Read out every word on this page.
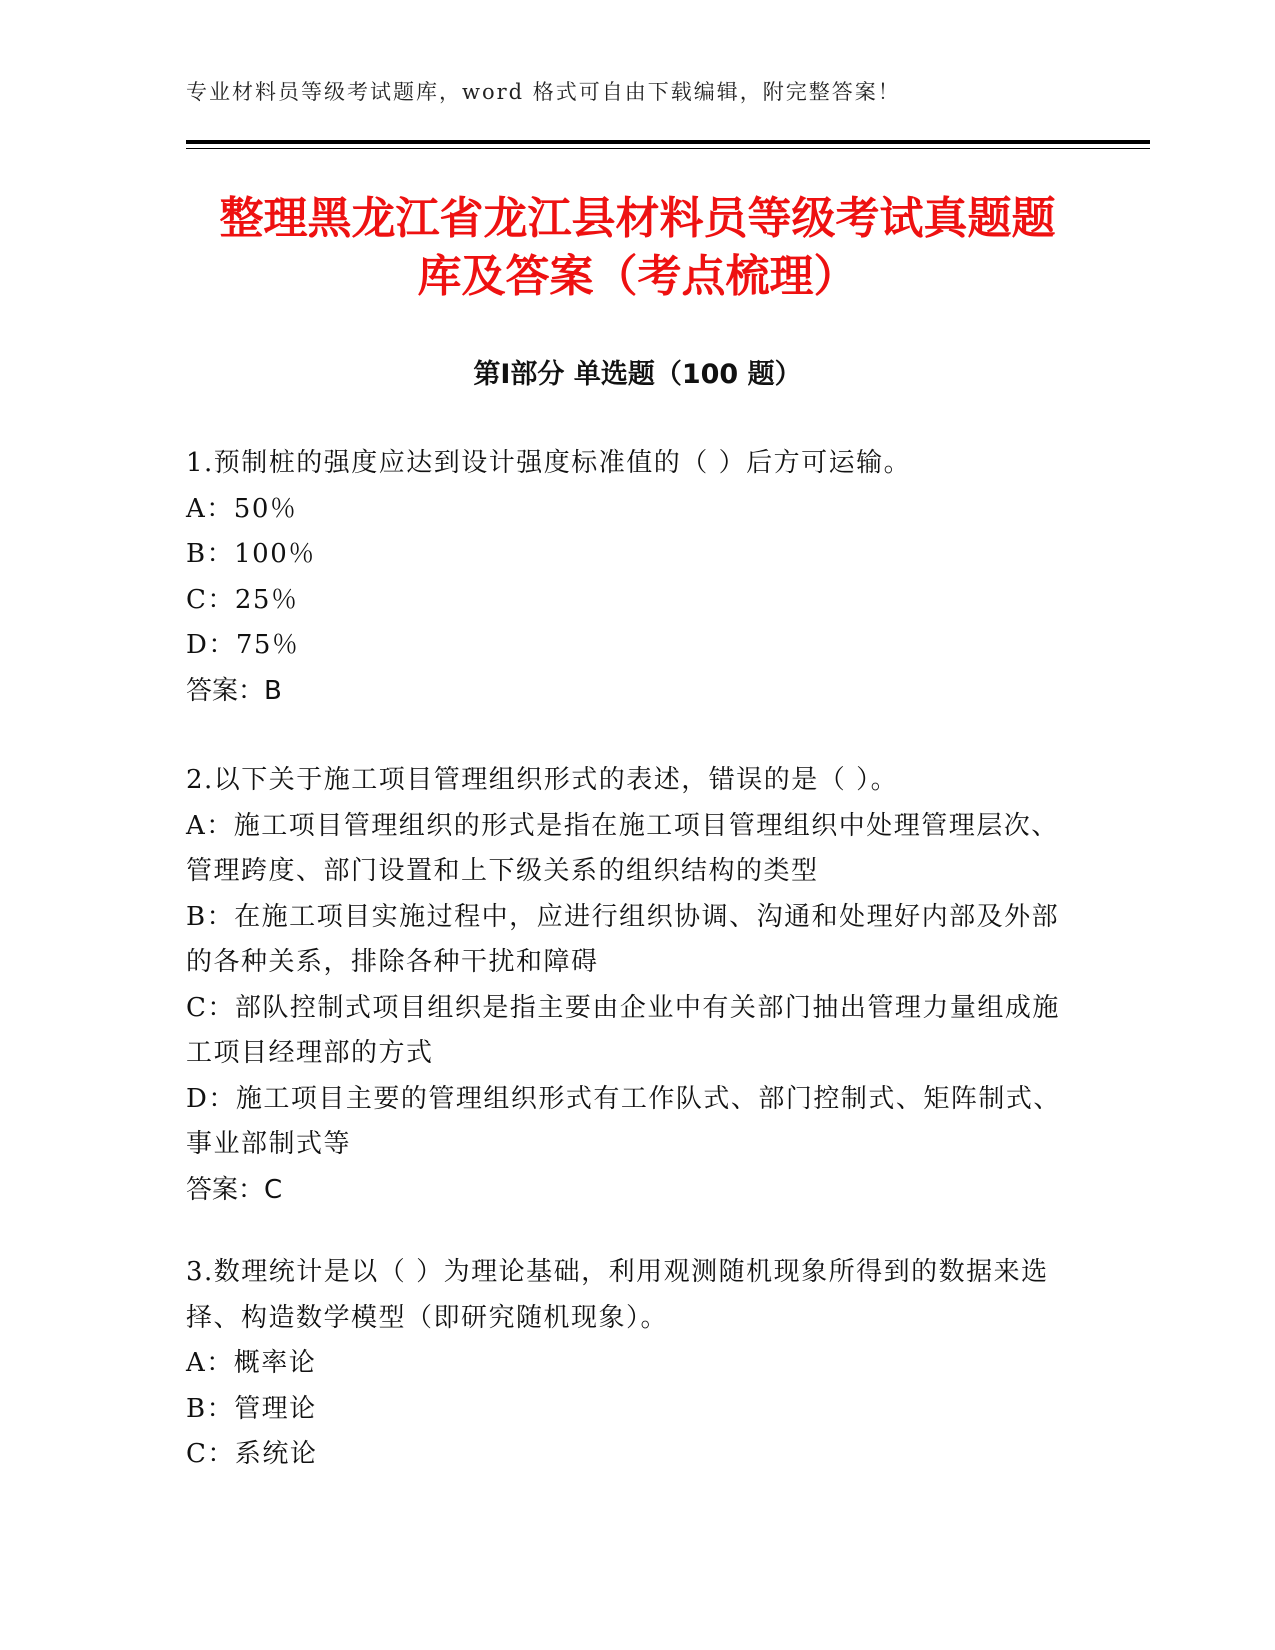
专业材料员等级考试题库，word 格式可自由下载编辑，附完整答案！
整理黑龙江省龙江县材料员等级考试真题题
库及答案（考点梳理）
第Ⅰ部分 单选题（100 题）

1.预制桩的强度应达到设计强度标准值的（ ）后方可运输。

A：50％

B：100％

C：25％

D：75％

答案：B

2.以下关于施工项目管理组织形式的表述，错误的是（ ）。

A：施工项目管理组织的形式是指在施工项目管理组织中处理管理层次、管理跨度、部门设置和上下级关系的组织结构的类型

B：在施工项目实施过程中，应进行组织协调、沟通和处理好内部及外部的各种关系，排除各种干扰和障碍

C：部队控制式项目组织是指主要由企业中有关部门抽出管理力量组成施工项目经理部的方式

D：施工项目主要的管理组织形式有工作队式、部门控制式、矩阵制式、事业部制式等

答案：C

3.数理统计是以（ ）为理论基础，利用观测随机现象所得到的数据来选择、构造数学模型（即研究随机现象）。

A：概率论

B：管理论

C：系统论
